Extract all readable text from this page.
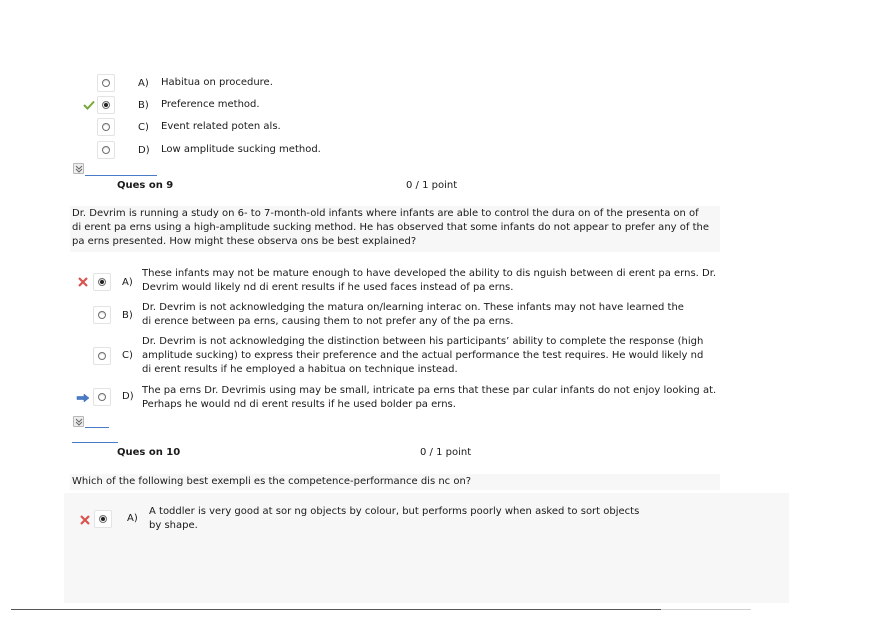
A) Habitua on procedure.
B) Preference method.
C) Event related poten als.
D) Low amplitude sucking method.
Ques on 9	0 / 1 point
Dr. Devrim is running a study on 6- to 7-month-old infants where infants are able to control the dura on of the presenta on of
di erent pa erns using a high-amplitude sucking method. He has observed that some infants do not appear to prefer any of the
pa erns presented. How might these observa ons be best explained?
A)
These infants may not be mature enough to have developed the ability to dis nguish between di erent pa erns. Dr.
Devrim would likely nd di erent results if he used faces instead of pa erns.
B)
Dr. Devrim is not acknowledging the matura on/learning interac on. These infants may not have learned the
di erence between pa erns, causing them to not prefer any of the pa erns.
C)
Dr. Devrim is not acknowledging the distinction between his participants’ ability to complete the response (high
amplitude sucking) to express their preference and the actual performance the test requires. He would likely nd
di erent results if he employed a habitua on technique instead.
D)
The pa erns Dr. Devrimis using may be small, intricate pa erns that these par cular infants do not enjoy looking at.
Perhaps he would nd di erent results if he used bolder pa erns.
Ques on 10	0 / 1 point
Which of the following best exempli es the competence-performance dis nc on?
A)
A toddler is very good at sor ng objects by colour, but performs poorly when asked to sort objects
by shape.
